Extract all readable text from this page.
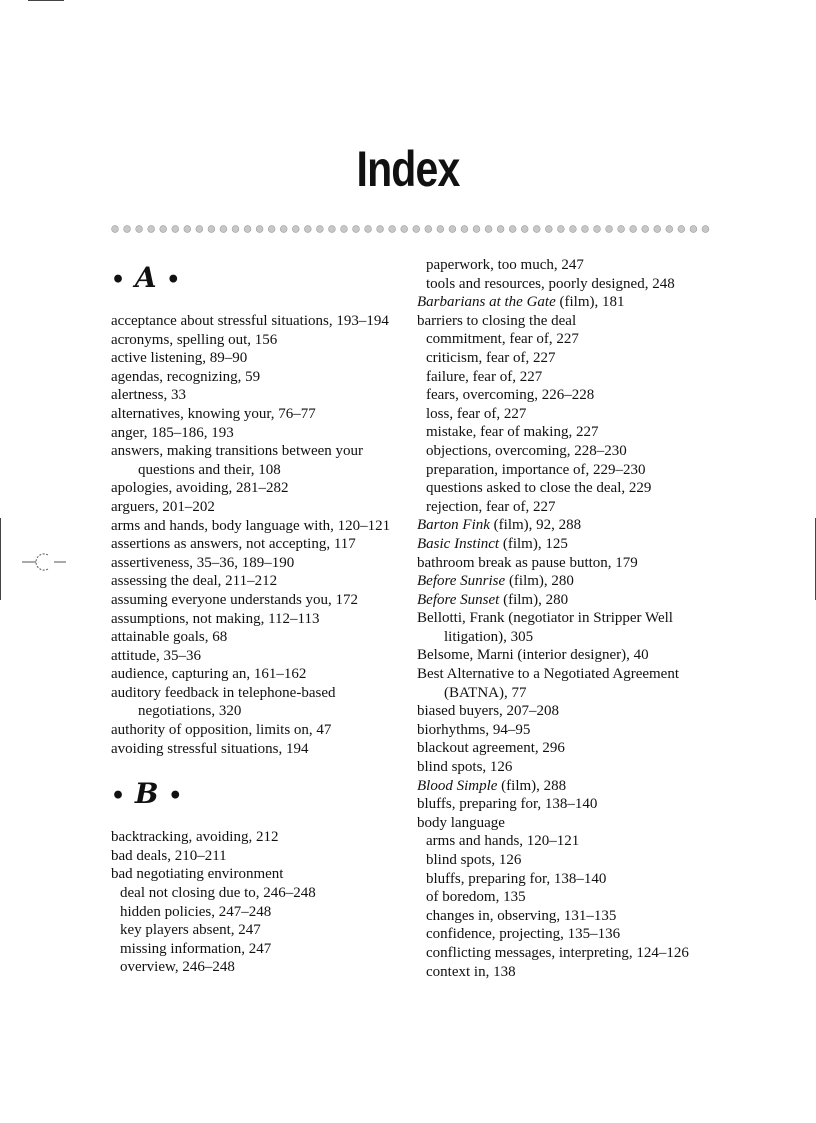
Index
• A •
acceptance about stressful situations, 193–194
acronyms, spelling out, 156
active listening, 89–90
agendas, recognizing, 59
alertness, 33
alternatives, knowing your, 76–77
anger, 185–186, 193
answers, making transitions between your questions and their, 108
apologies, avoiding, 281–282
arguers, 201–202
arms and hands, body language with, 120–121
assertions as answers, not accepting, 117
assertiveness, 35–36, 189–190
assessing the deal, 211–212
assuming everyone understands you, 172
assumptions, not making, 112–113
attainable goals, 68
attitude, 35–36
audience, capturing an, 161–162
auditory feedback in telephone-based negotiations, 320
authority of opposition, limits on, 47
avoiding stressful situations, 194
• B •
backtracking, avoiding, 212
bad deals, 210–211
bad negotiating environment
deal not closing due to, 246–248
hidden policies, 247–248
key players absent, 247
missing information, 247
overview, 246–248
paperwork, too much, 247
tools and resources, poorly designed, 248
Barbarians at the Gate (film), 181
barriers to closing the deal
commitment, fear of, 227
criticism, fear of, 227
failure, fear of, 227
fears, overcoming, 226–228
loss, fear of, 227
mistake, fear of making, 227
objections, overcoming, 228–230
preparation, importance of, 229–230
questions asked to close the deal, 229
rejection, fear of, 227
Barton Fink (film), 92, 288
Basic Instinct (film), 125
bathroom break as pause button, 179
Before Sunrise (film), 280
Before Sunset (film), 280
Bellotti, Frank (negotiator in Stripper Well litigation), 305
Belsome, Marni (interior designer), 40
Best Alternative to a Negotiated Agreement (BATNA), 77
biased buyers, 207–208
biorhythms, 94–95
blackout agreement, 296
blind spots, 126
Blood Simple (film), 288
bluffs, preparing for, 138–140
body language
arms and hands, 120–121
blind spots, 126
bluffs, preparing for, 138–140
of boredom, 135
changes in, observing, 131–135
confidence, projecting, 135–136
conflicting messages, interpreting, 124–126
context in, 138
